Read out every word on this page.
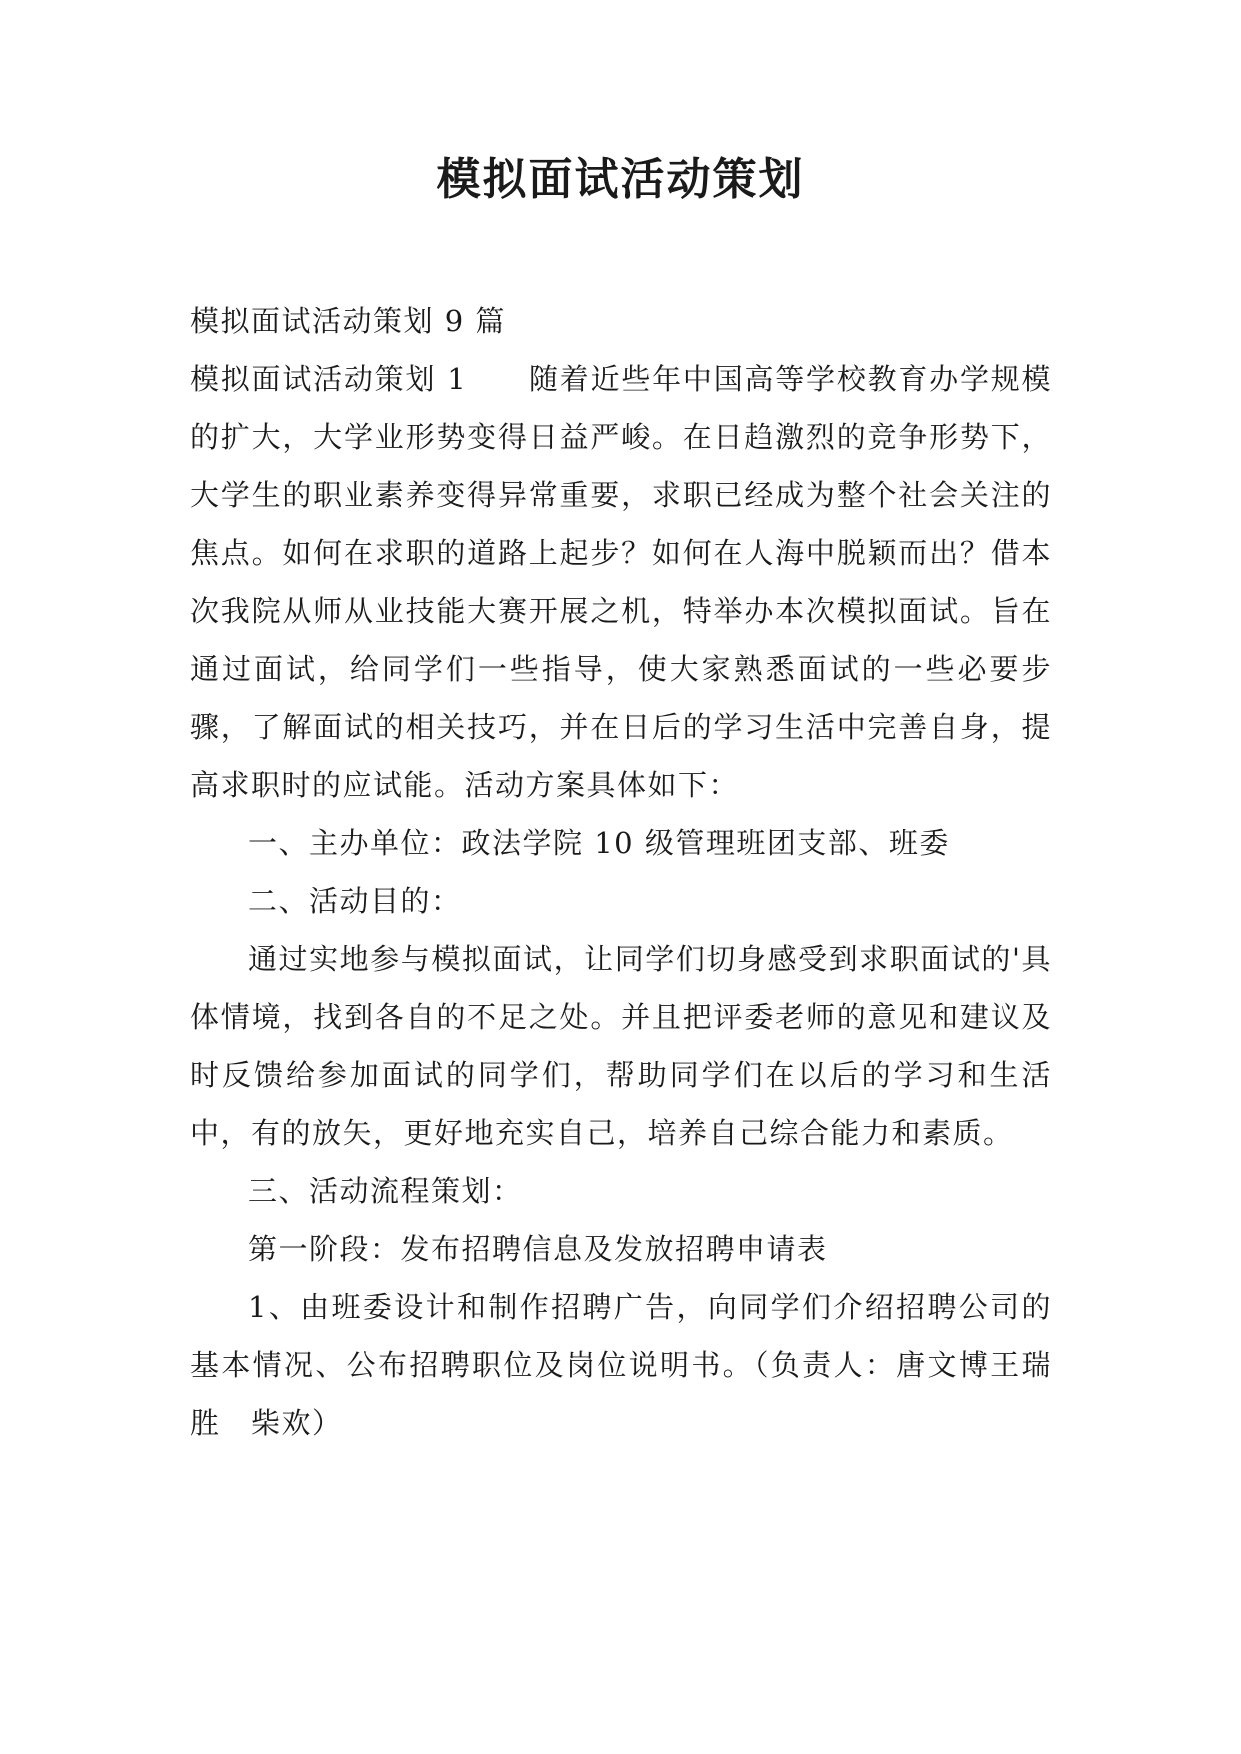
模拟面试活动策划

模拟面试活动策划 9 篇

模拟面试活动策划 1　　随着近些年中国高等学校教育办学规模的扩大，大学业形势变得日益严峻。在日趋激烈的竞争形势下，大学生的职业素养变得异常重要，求职已经成为整个社会关注的焦点。如何在求职的道路上起步？如何在人海中脱颖而出？借本次我院从师从业技能大赛开展之机，特举办本次模拟面试。旨在通过面试，给同学们一些指导，使大家熟悉面试的一些必要步骤，了解面试的相关技巧，并在日后的学习生活中完善自身，提高求职时的应试能。活动方案具体如下：

一、主办单位：政法学院 10 级管理班团支部、班委

二、活动目的：

通过实地参与模拟面试，让同学们切身感受到求职面试的'具体情境，找到各自的不足之处。并且把评委老师的意见和建议及时反馈给参加面试的同学们，帮助同学们在以后的学习和生活中，有的放矢，更好地充实自己，培养自己综合能力和素质。

三、活动流程策划：

第一阶段：发布招聘信息及发放招聘申请表

1、由班委设计和制作招聘广告，向同学们介绍招聘公司的基本情况、公布招聘职位及岗位说明书。（负责人：唐文博王瑞胜　柴欢）
